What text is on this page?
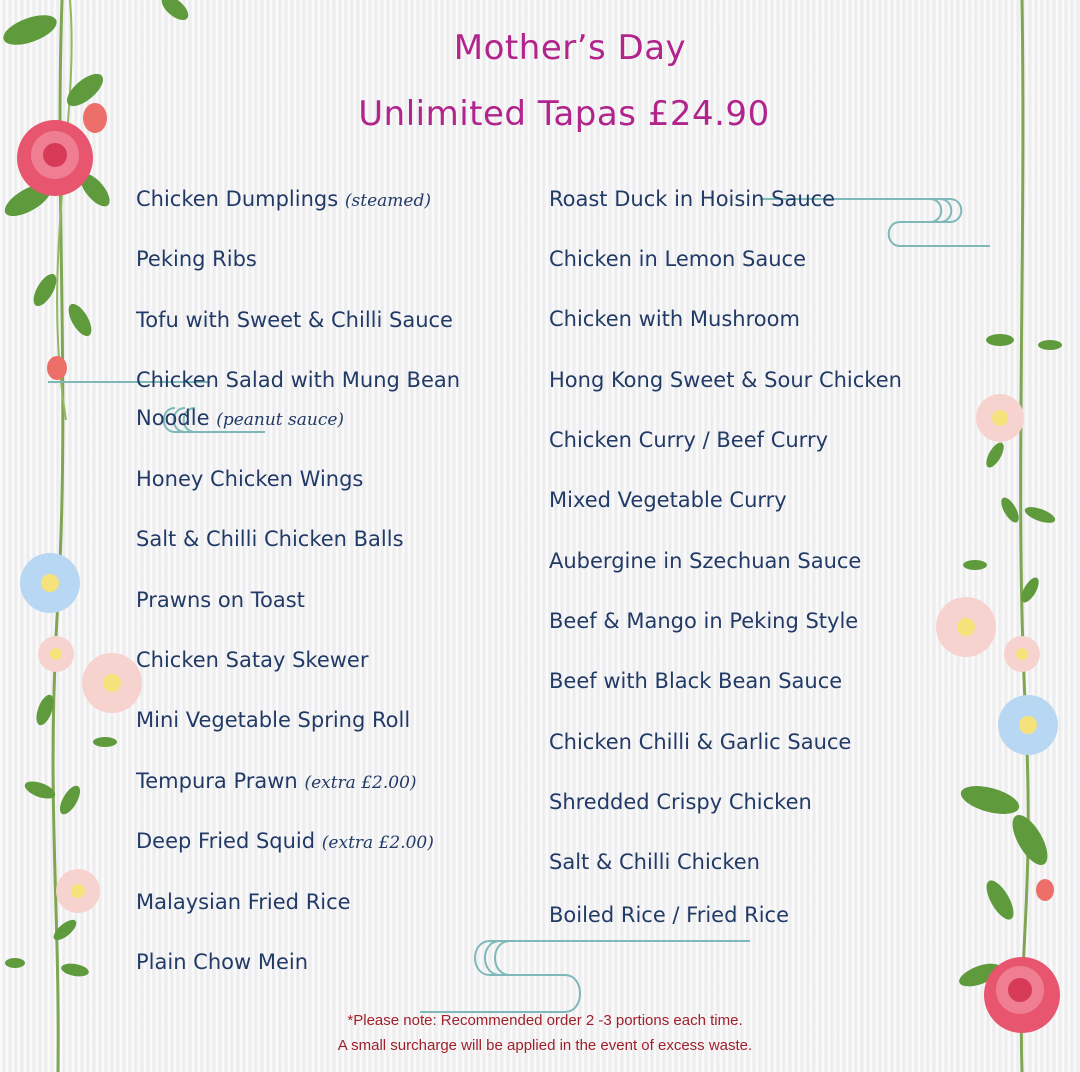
Mother’s Day
Unlimited Tapas £24.90
Chicken Dumplings (steamed)
Peking Ribs
Tofu with Sweet & Chilli Sauce
Chicken Salad with Mung Bean
Noodle (peanut sauce)
Honey Chicken Wings
Salt & Chilli Chicken Balls
Prawns on Toast
Chicken Satay Skewer
Mini Vegetable Spring Roll
Tempura Prawn (extra £2.00)
Deep Fried Squid (extra £2.00)
Malaysian Fried Rice
Plain Chow Mein
Roast Duck in Hoisin Sauce
Chicken in Lemon Sauce
Chicken with Mushroom
Hong Kong Sweet & Sour Chicken
Chicken Curry / Beef Curry
Mixed Vegetable Curry
Aubergine in Szechuan Sauce
Beef & Mango in Peking Style
Beef with Black Bean Sauce
Chicken Chilli & Garlic Sauce
Shredded Crispy Chicken
Salt & Chilli Chicken
Boiled Rice / Fried Rice
*Please note: Recommended order 2 -3 portions each time.
A small surcharge will be applied in the event of excess waste.
